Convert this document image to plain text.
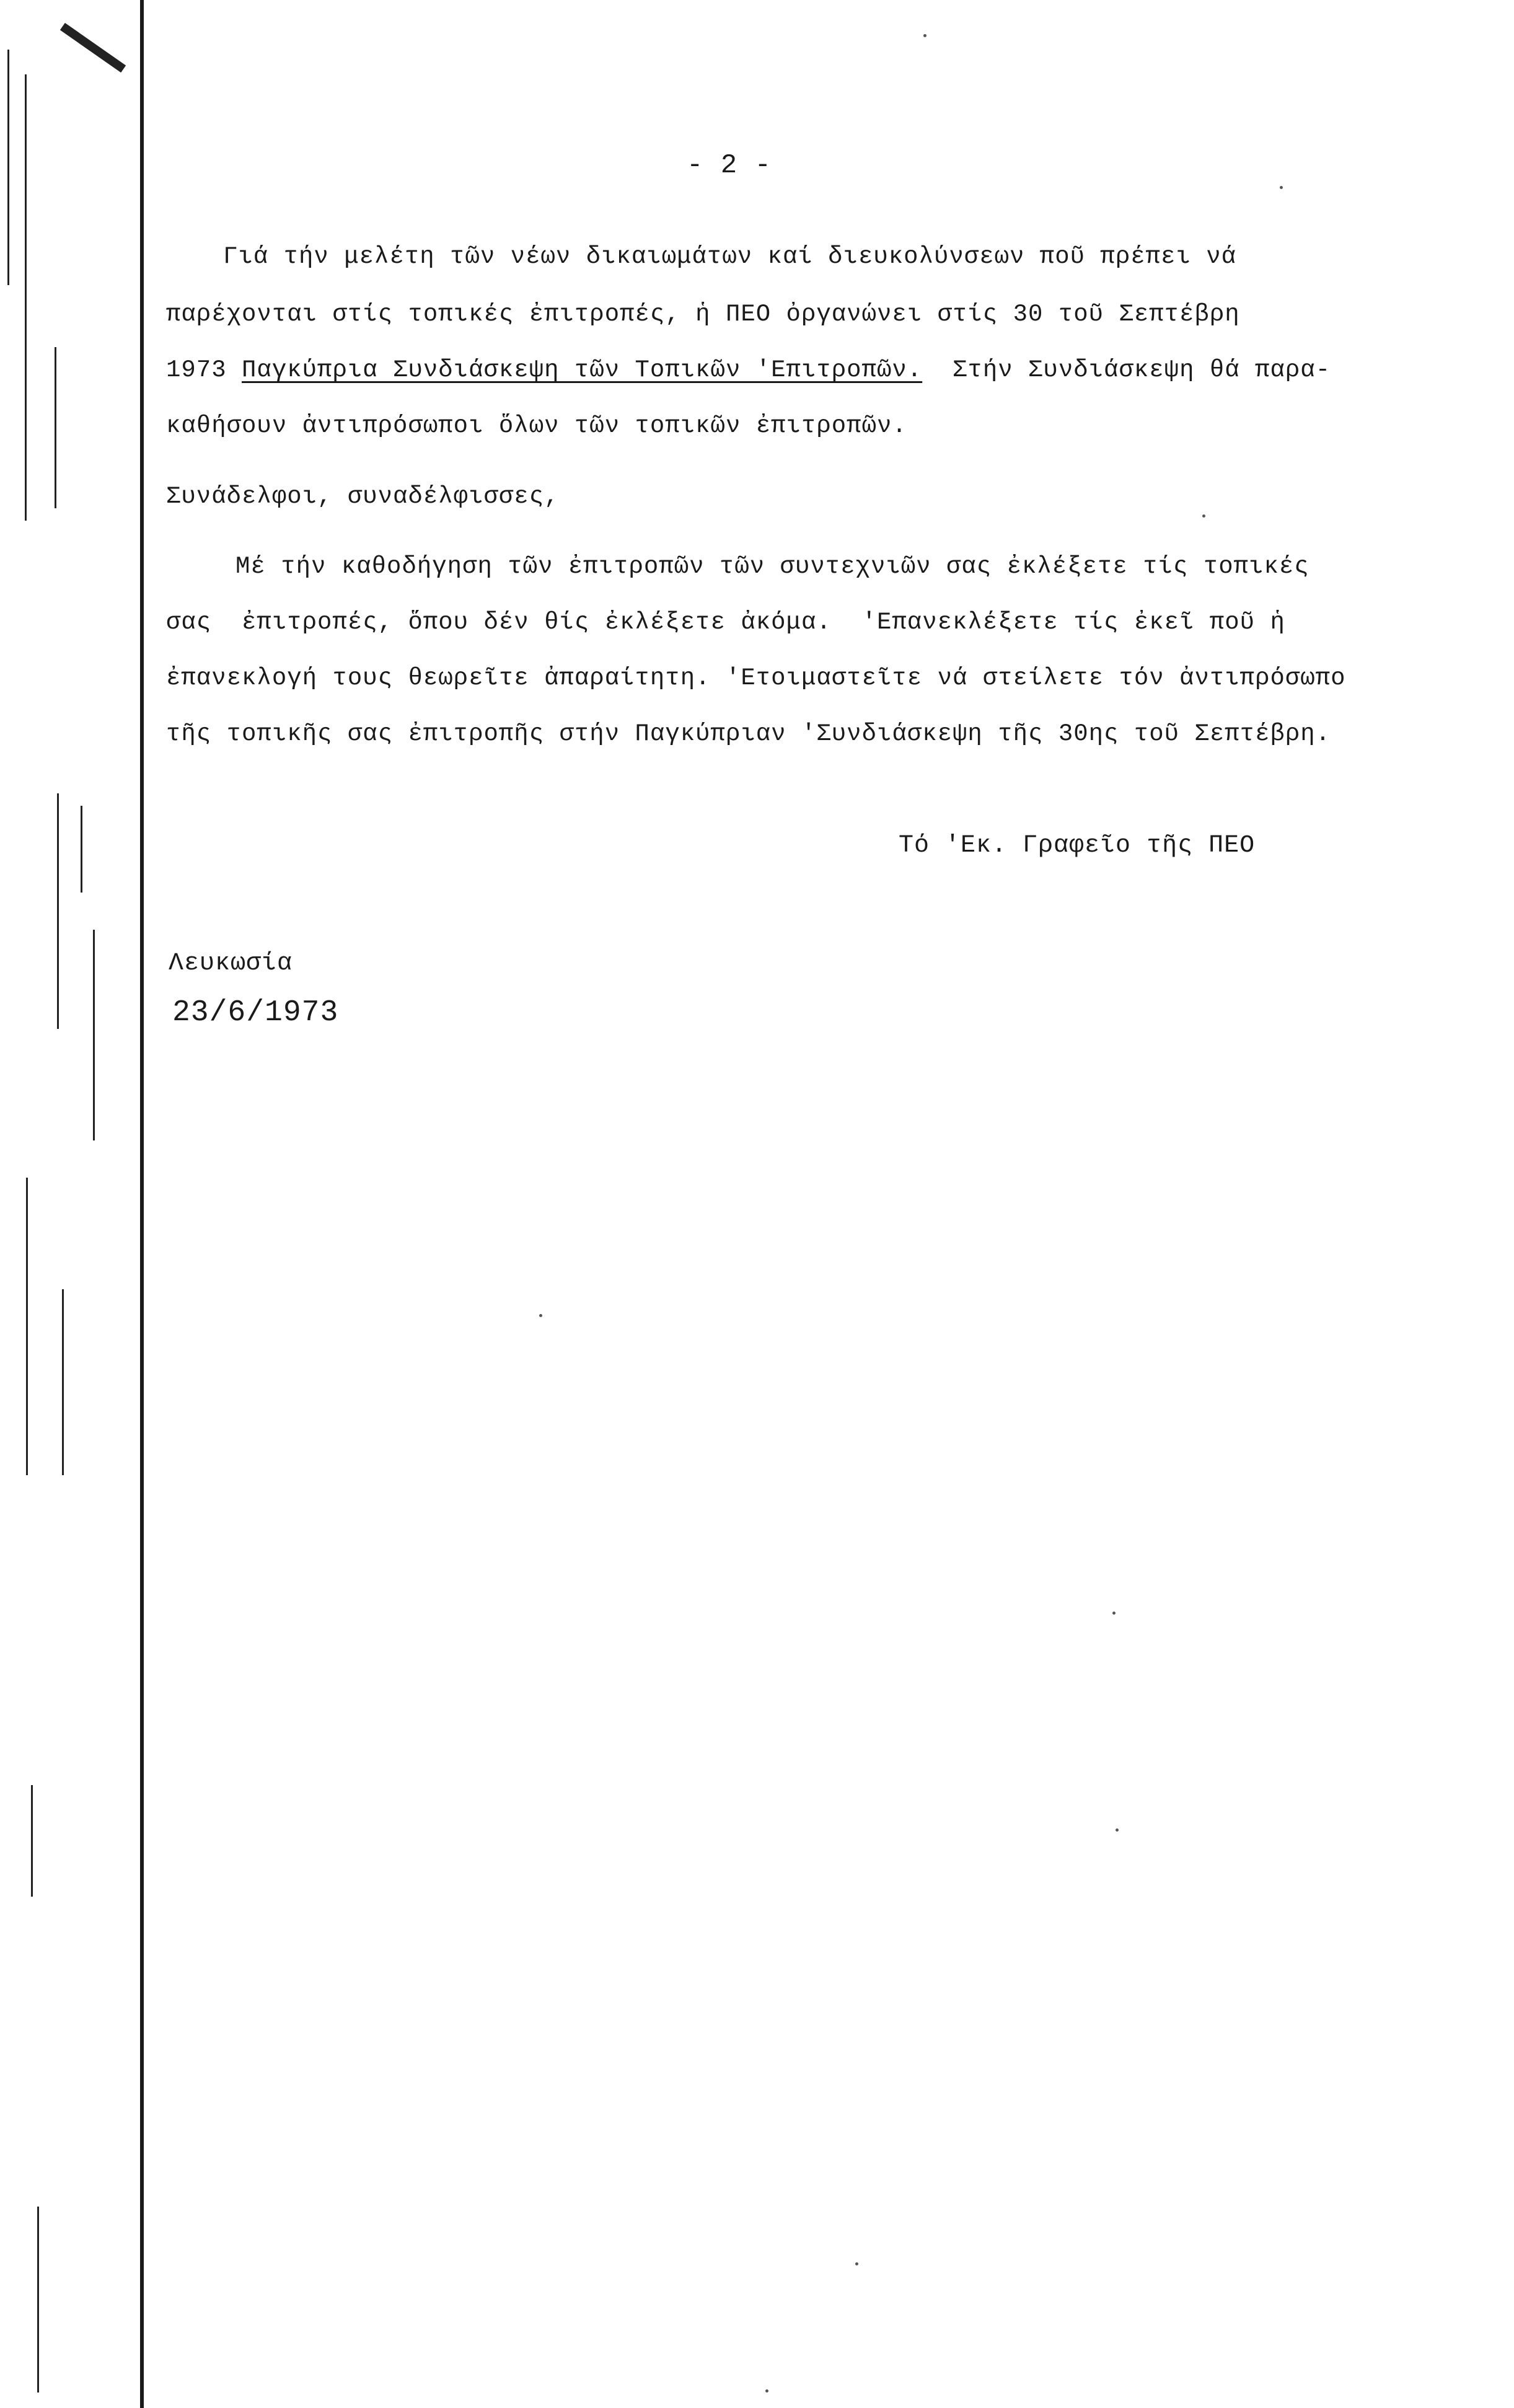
- 2 -
Γιά τήν μελέτη τῶν νέων δικαιωμάτων καί διευκολύνσεων ποῦ πρέπει νά
παρέχονται στίς τοπικές ἐπιτροπές, ἡ ΠΕΟ ὀργανώνει στίς 30 τοῦ Σεπτέβρη
1973 Παγκύπρια Συνδιάσκεψη τῶν Τοπικῶν 'Επιτροπῶν.  Στήν Συνδιάσκεψη θά παρα-
καθήσουν ἀντιπρόσωποι ὅλων τῶν τοπικῶν ἐπιτροπῶν.
Συνάδελφοι, συναδέλφισσες,
Μέ τήν καθοδήγηση τῶν ἐπιτροπῶν τῶν συντεχνιῶν σας ἐκλέξετε τίς τοπικές
σας  ἐπιτροπές, ὅπου δέν θίς ἐκλέξετε ἀκόμα.  'Επανεκλέξετε τίς ἐκεῖ ποῦ ἡ
ἐπανεκλογή τους θεωρεῖτε ἀπαραίτητη. 'Ετοιμαστεῖτε νά στείλετε τόν ἀντιπρόσωπο
τῆς τοπικῆς σας ἐπιτροπῆς στήν Παγκύπριαν 'Συνδιάσκεψη τῆς 30ης τοῦ Σεπτέβρη.
Τό 'Εκ. Γραφεῖο τῆς ΠΕΟ
Λευκωσία
23/6/1973
